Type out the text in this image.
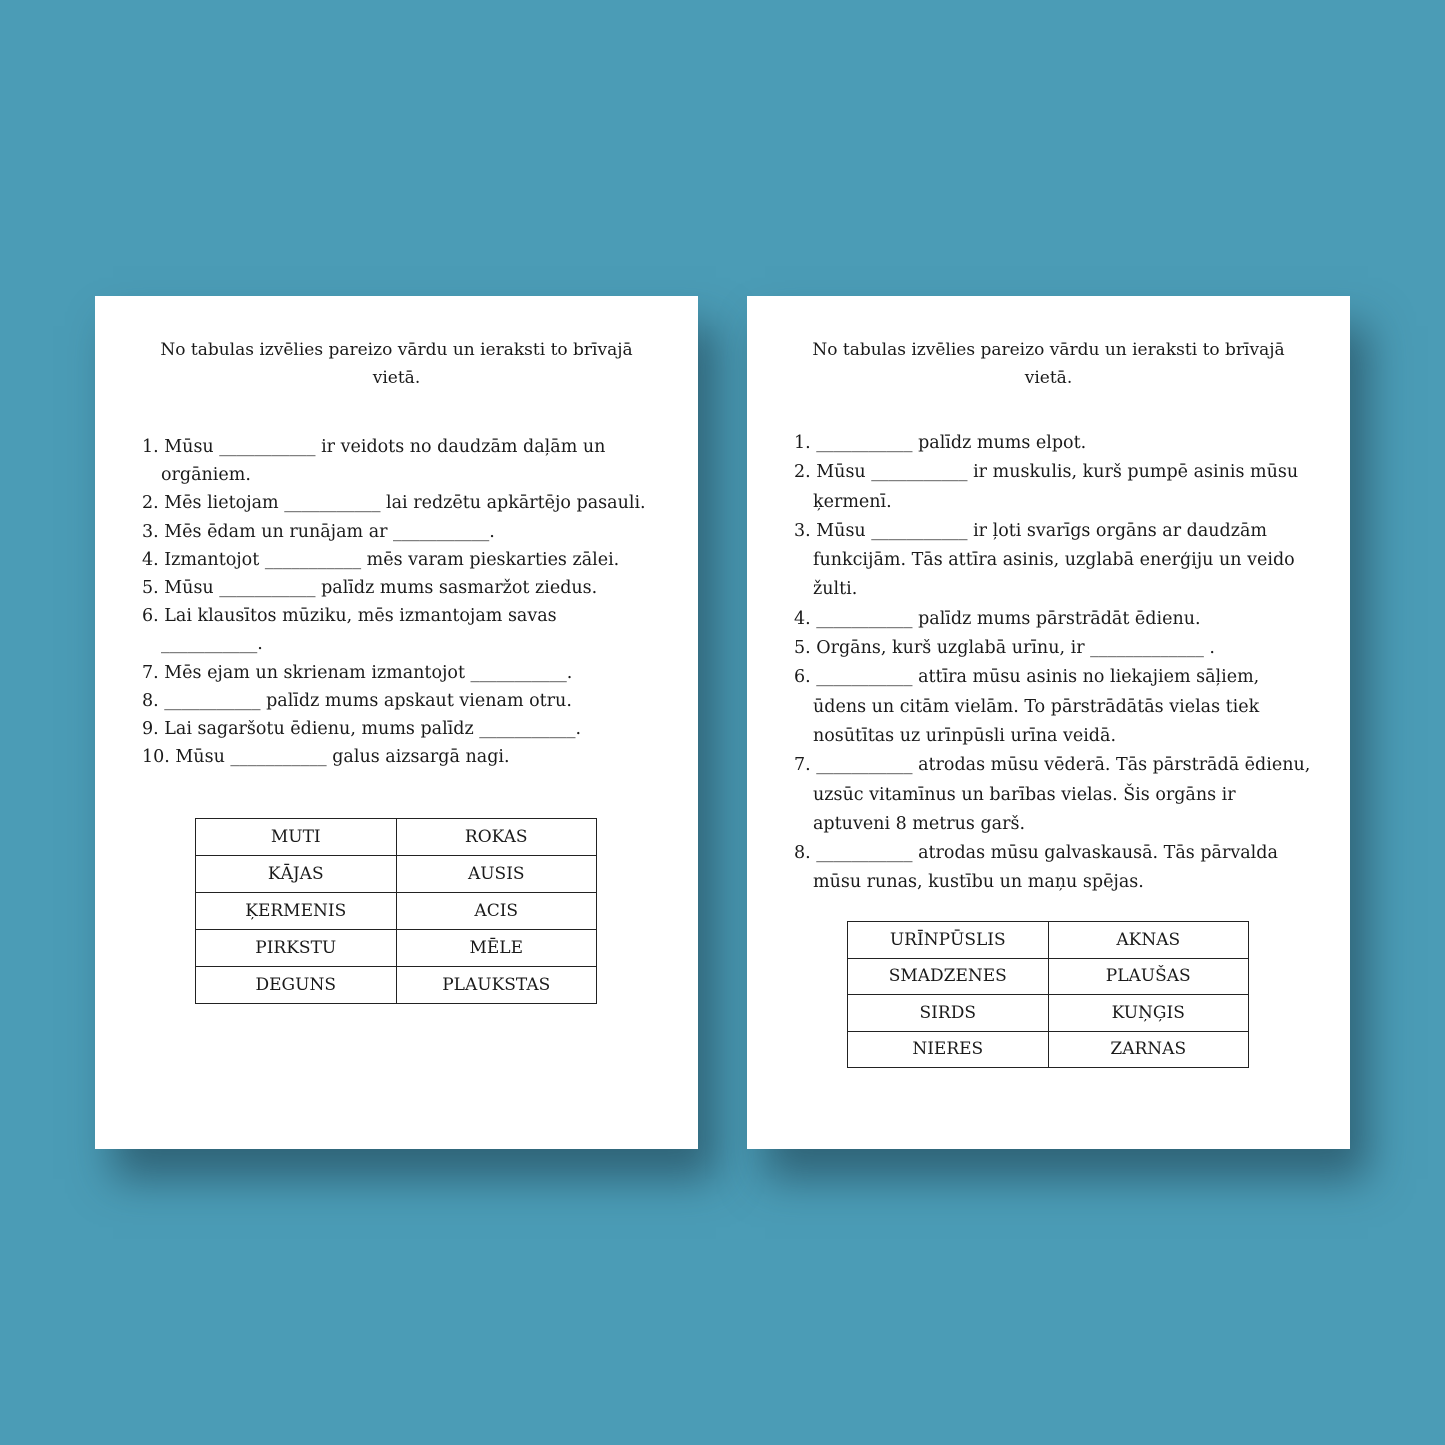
No tabulas izvēlies pareizo vārdu un ieraksti to brīvajā vietā.
1. Mūsu ___________ ir veidots no daudzām daļām un orgāniem.
2. Mēs lietojam ___________ lai redzētu apkārtējo pasauli.
3. Mēs ēdam un runājam ar ___________.
4. Izmantojot ___________ mēs varam pieskarties zālei.
5. Mūsu ___________ palīdz mums sasmaržot ziedus.
6. Lai klausītos mūziku, mēs izmantojam savas ___________.
7. Mēs ejam un skrienam izmantojot ___________.
8. ___________ palīdz mums apskaut vienam otru.
9. Lai sagaršotu ēdienu, mums palīdz ___________.
10. Mūsu ___________ galus aizsargā nagi.
MUTI	ROKAS
KĀJAS	AUSIS
ĶERMENIS	ACIS
PIRKSTU	MĒLE
DEGUNS	PLAUKSTAS
No tabulas izvēlies pareizo vārdu un ieraksti to brīvajā vietā.
1. ___________ palīdz mums elpot.
2. Mūsu ___________ ir muskulis, kurš pumpē asinis mūsu ķermenī.
3. Mūsu ___________ ir ļoti svarīgs orgāns ar daudzām funkcijām. Tās attīra asinis, uzglabā enerģiju un veido žulti.
4. ___________ palīdz mums pārstrādāt ēdienu.
5. Orgāns, kurš uzglabā urīnu, ir _____________ .
6. ___________ attīra mūsu asinis no liekajiem sāļiem, ūdens un citām vielām. To pārstrādātās vielas tiek nosūtītas uz urīnpūsli urīna veidā.
7. ___________ atrodas mūsu vēderā. Tās pārstrādā ēdienu, uzsūc vitamīnus un barības vielas. Šis orgāns ir aptuveni 8 metrus garš.
8. ___________ atrodas mūsu galvaskausā. Tās pārvalda mūsu runas, kustību un maņu spējas.
URĪNPŪSLIS	AKNAS
SMADZENES	PLAUŠAS
SIRDS	KUŅĢIS
NIERES	ZARNAS
